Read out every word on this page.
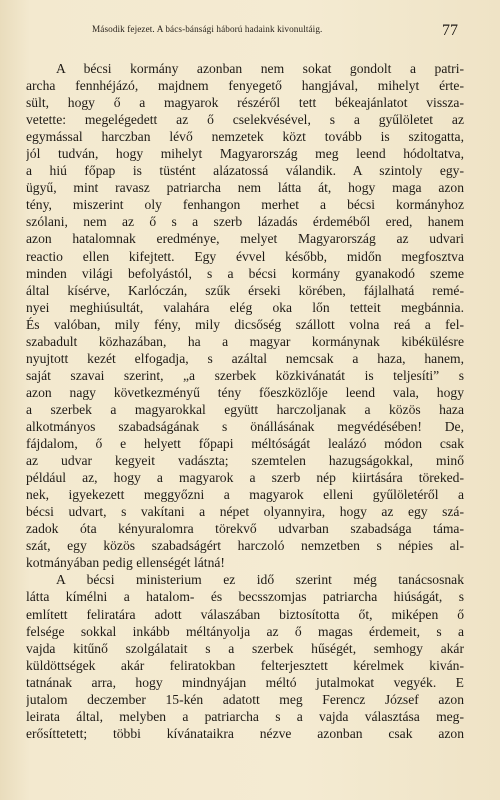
Második fejezet. A bács-bánsági háború hadaink kivonultáig.	77
A bécsi kormány azonban nem sokat gondolt a patri-
archa fennhéjázó, majdnem fenyegető hangjával, mihelyt érte-
sült, hogy ő a magyarok részéről tett békeajánlatot vissza-
vetette: megelégedett az ő cselekvésével, s a gyűlöletet az
egymással harczban lévő nemzetek közt tovább is szitogatta,
jól tudván, hogy mihelyt Magyarország meg leend hódoltatva,
a hiú főpap is tüstént alázatossá válandik. A szintoly egy-
ügyű, mint ravasz patriarcha nem látta át, hogy maga azon
tény, miszerint oly fenhangon merhet a bécsi kormányhoz
szólani, nem az ő s a szerb lázadás érdeméből ered, hanem
azon hatalomnak eredménye, melyet Magyarország az udvari
reactio ellen kifejtett. Egy évvel később, midőn megfosztva
minden világi befolyástól, s a bécsi kormány gyanakodó szeme
által kísérve, Karlóczán, szűk érseki körében, fájlalhatá remé-
nyei meghiúsultát, valahára elég oka lőn tetteit megbánnia.
És valóban, mily fény, mily dicsőség szállott volna reá a fel-
szabadult közhazában, ha a magyar kormánynak kibékülésre
nyujtott kezét elfogadja, s azáltal nemcsak a haza, hanem,
saját szavai szerint, „a szerbek közkivánatát is teljesíti” s
azon nagy következményű tény főeszközlője leend vala, hogy
a szerbek a magyarokkal együtt harczoljanak a közös haza
alkotmányos szabadságának s önállásának megvédésében! De,
fájdalom, ő e helyett főpapi méltóságát lealázó módon csak
az udvar kegyeit vadászta; szemtelen hazugságokkal, minő
például az, hogy a magyarok a szerb nép kiirtására töreked-
nek, igyekezett meggyőzni a magyarok elleni gyűlöletéről a
bécsi udvart, s vakítani a népet olyannyira, hogy az egy szá-
zadok óta kényuralomra törekvő udvarban szabadsága táma-
szát, egy közös szabadságért harczoló nemzetben s népies al-
kotmányában pedig ellenségét látná!
A bécsi ministerium ez idő szerint még tanácsosnak
látta kímélni a hatalom- és becsszomjas patriarcha hiúságát, s
említett feliratára adott válaszában biztosította őt, miképen ő
felsége sokkal inkább méltányolja az ő magas érdemeit, s a
vajda kitűnő szolgálatait s a szerbek hűségét, semhogy akár
küldöttségek akár feliratokban felterjesztett kérelmek kiván-
tatnának arra, hogy mindnyájan méltó jutalmokat vegyék. E
jutalom deczember 15-kén adatott meg Ferencz József azon
leirata által, melyben a patriarcha s a vajda választása meg-
erősíttetett; többi kívánataikra nézve azonban csak azon
